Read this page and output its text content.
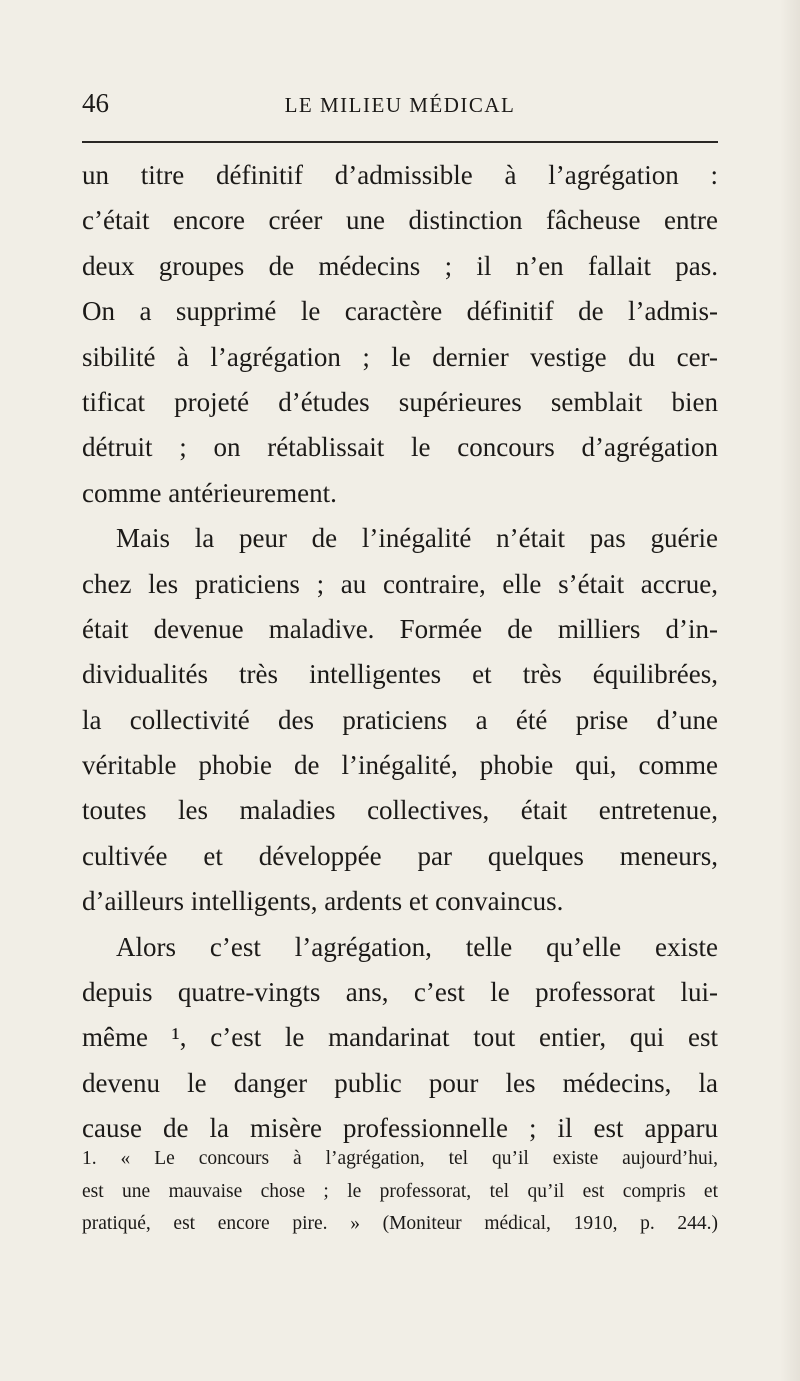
46	LE MILIEU MÉDICAL
un titre définitif d’admissible à l’agrégation :
c’était encore créer une distinction fâcheuse entre
deux groupes de médecins ; il n’en fallait pas.
On a supprimé le caractère définitif de l’admis-
sibilité à l’agrégation ; le dernier vestige du cer-
tificat projeté d’études supérieures semblait bien
détruit ; on rétablissait le concours d’agrégation
comme antérieurement.
Mais la peur de l’inégalité n’était pas guérie
chez les praticiens ; au contraire, elle s’était accrue,
était devenue maladive. Formée de milliers d’in-
dividualités très intelligentes et très équilibrées,
la collectivité des praticiens a été prise d’une
véritable phobie de l’inégalité, phobie qui, comme
toutes les maladies collectives, était entretenue,
cultivée et développée par quelques meneurs,
d’ailleurs intelligents, ardents et convaincus.
Alors c’est l’agrégation, telle qu’elle existe
depuis quatre-vingts ans, c’est le professorat lui-
même ¹, c’est le mandarinat tout entier, qui est
devenu le danger public pour les médecins, la
cause de la misère professionnelle ; il est apparu
1. « Le concours à l’agrégation, tel qu’il existe aujourd’hui,
est une mauvaise chose ; le professorat, tel qu’il est compris et
pratiqué, est encore pire. » (Moniteur médical, 1910, p. 244.)
